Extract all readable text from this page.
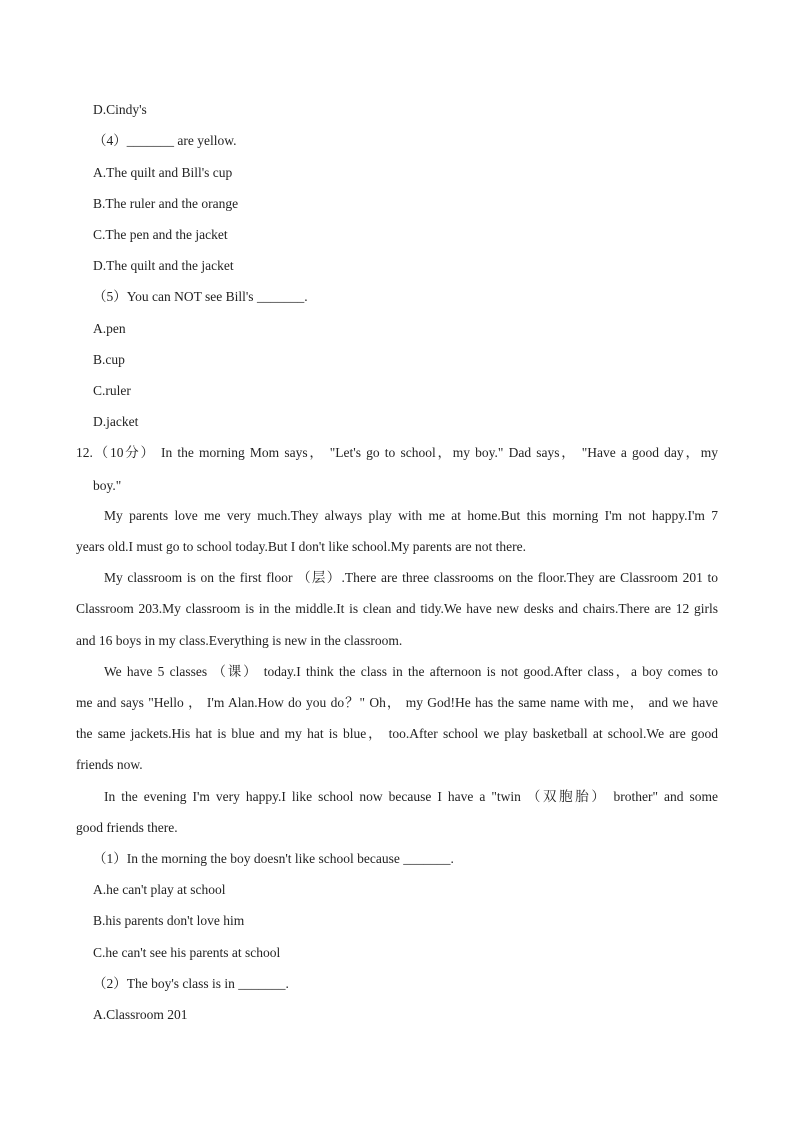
D.Cindy's
（4）_______ are yellow.
A.The quilt and Bill's cup
B.The ruler and the orange
C.The pen and the jacket
D.The quilt and the jacket
（5）You can NOT see Bill's _______.
A.pen
B.cup
C.ruler
D.jacket
12.（10分） In the morning Mom says， "Let's go to school，my boy." Dad says， "Have a good day，my
boy."
My parents love me very much.They always play with me at home.But this morning I'm not happy.I'm 7
years old.I must go to school today.But I don't like school.My parents are not there.
My classroom is on the first floor （层）.There are three classrooms on the floor.They are Classroom 201 to
Classroom 203.My classroom is in the middle.It is clean and tidy.We have new desks and chairs.There are 12 girls
and 16 boys in my class.Everything is new in the classroom.
We have 5 classes （课） today.I think the class in the afternoon is not good.After class，a boy comes to
me and says "Hello ， I'm Alan.How do you do？" Oh， my God!He has the same name with me， and we have
the same jackets.His hat is blue and my hat is blue， too.After school we play basketball at school.We are good
friends now.
In the evening I'm very happy.I like school now because I have a "twin （双胞胎） brother" and some
good friends there.
（1）In the morning the boy doesn't like school because _______.
A.he can't play at school
B.his parents don't love him
C.he can't see his parents at school
（2）The boy's class is in _______.
A.Classroom 201
